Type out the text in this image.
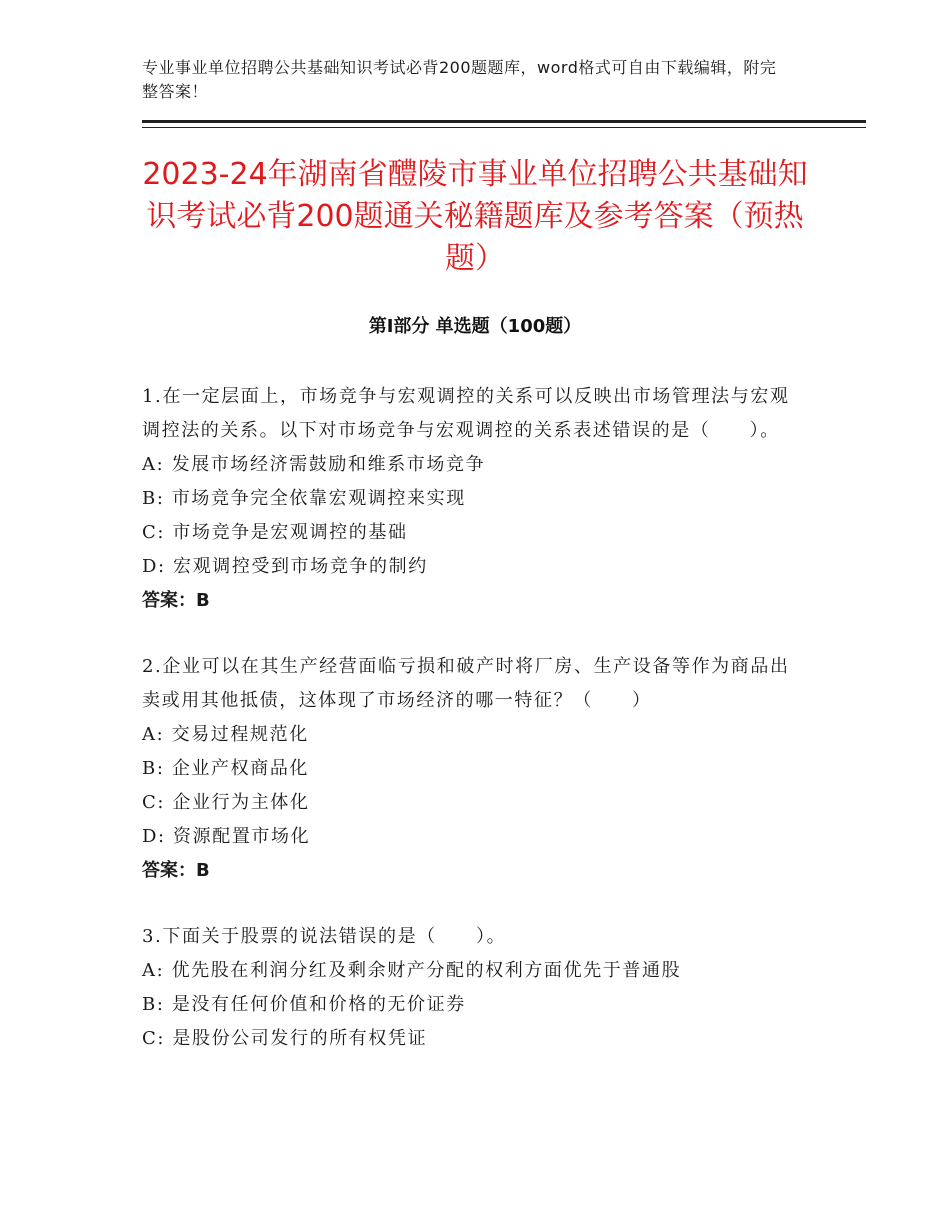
专业事业单位招聘公共基础知识考试必背200题题库，word格式可自由下载编辑，附完整答案！
2023-24年湖南省醴陵市事业单位招聘公共基础知识考试必背200题通关秘籍题库及参考答案（预热题）
第Ⅰ部分 单选题（100题）

1.在一定层面上，市场竞争与宏观调控的关系可以反映出市场管理法与宏观调控法的关系。以下对市场竞争与宏观调控的关系表述错误的是（　　）。

A: 发展市场经济需鼓励和维系市场竞争

B: 市场竞争完全依靠宏观调控来实现

C: 市场竞争是宏观调控的基础

D: 宏观调控受到市场竞争的制约

答案：B

2.企业可以在其生产经营面临亏损和破产时将厂房、生产设备等作为商品出卖或用其他抵债，这体现了市场经济的哪一特征？（　　）

A: 交易过程规范化

B: 企业产权商品化

C: 企业行为主体化

D: 资源配置市场化

答案：B

3.下面关于股票的说法错误的是（　　）。

A: 优先股在利润分红及剩余财产分配的权利方面优先于普通股

B: 是没有任何价值和价格的无价证券

C: 是股份公司发行的所有权凭证
